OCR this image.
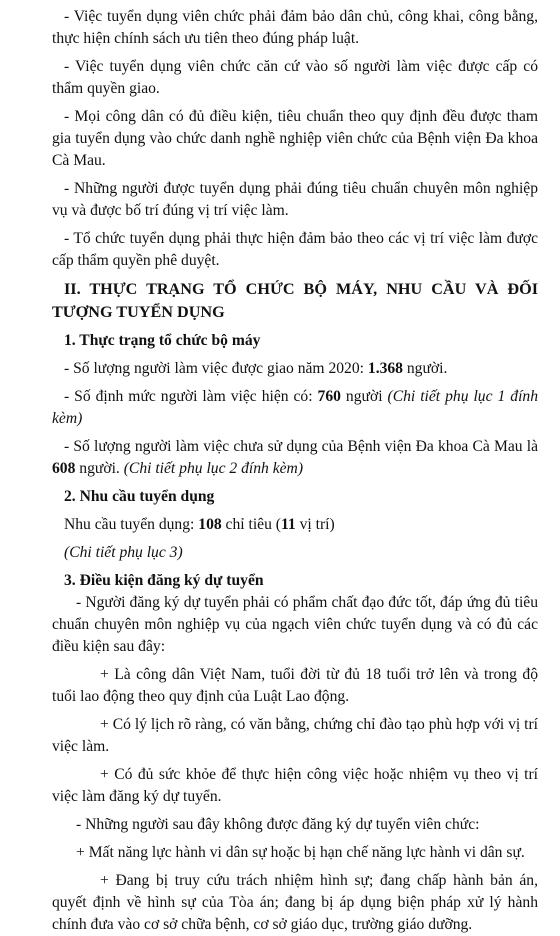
- Việc tuyển dụng viên chức phải đảm bảo dân chủ, công khai, công bằng, thực hiện chính sách ưu tiên theo đúng pháp luật.

- Việc tuyển dụng viên chức căn cứ vào số người làm việc được cấp có thẩm quyền giao.

- Mọi công dân có đủ điều kiện, tiêu chuẩn theo quy định đều được tham gia tuyển dụng vào chức danh nghề nghiệp viên chức của Bệnh viện Đa khoa Cà Mau.

- Những người được tuyển dụng phải đúng tiêu chuẩn chuyên môn nghiệp vụ và được bố trí đúng vị trí việc làm.

- Tổ chức tuyển dụng phải thực hiện đảm bảo theo các vị trí việc làm được cấp thẩm quyền phê duyệt.

II. THỰC TRẠNG TỔ CHỨC BỘ MÁY, NHU CẦU VÀ ĐỐI TƯỢNG TUYỂN DỤNG

1. Thực trạng tổ chức bộ máy

- Số lượng người làm việc được giao năm 2020: 1.368 người.

- Số định mức người làm việc hiện có: 760 người (Chi tiết phụ lục 1 đính kèm)

- Số lượng người làm việc chưa sử dụng của Bệnh viện Đa khoa Cà Mau là 608 người. (Chi tiết phụ lục 2 đính kèm)

2. Nhu cầu tuyển dụng

Nhu cầu tuyển dụng: 108 chỉ tiêu (11 vị trí)

(Chi tiết phụ lục 3)

3. Điều kiện đăng ký dự tuyển

- Người đăng ký dự tuyển phải có phẩm chất đạo đức tốt, đáp ứng đủ tiêu chuẩn chuyên môn nghiệp vụ của ngạch viên chức tuyển dụng và có đủ các điều kiện sau đây:

+ Là công dân Việt Nam, tuổi đời từ đủ 18 tuổi trở lên và trong độ tuổi lao động theo quy định của Luật Lao động.

+ Có lý lịch rõ ràng, có văn bằng, chứng chỉ đào tạo phù hợp với vị trí việc làm.

+ Có đủ sức khỏe để thực hiện công việc hoặc nhiệm vụ theo vị trí việc làm đăng ký dự tuyển.

- Những người sau đây không được đăng ký dự tuyển viên chức:

+ Mất năng lực hành vi dân sự hoặc bị hạn chế năng lực hành vi dân sự.

+ Đang bị truy cứu trách nhiệm hình sự; đang chấp hành bản án, quyết định về hình sự của Tòa án; đang bị áp dụng biện pháp xử lý hành chính đưa vào cơ sở chữa bệnh, cơ sở giáo dục, trường giáo dưỡng.
